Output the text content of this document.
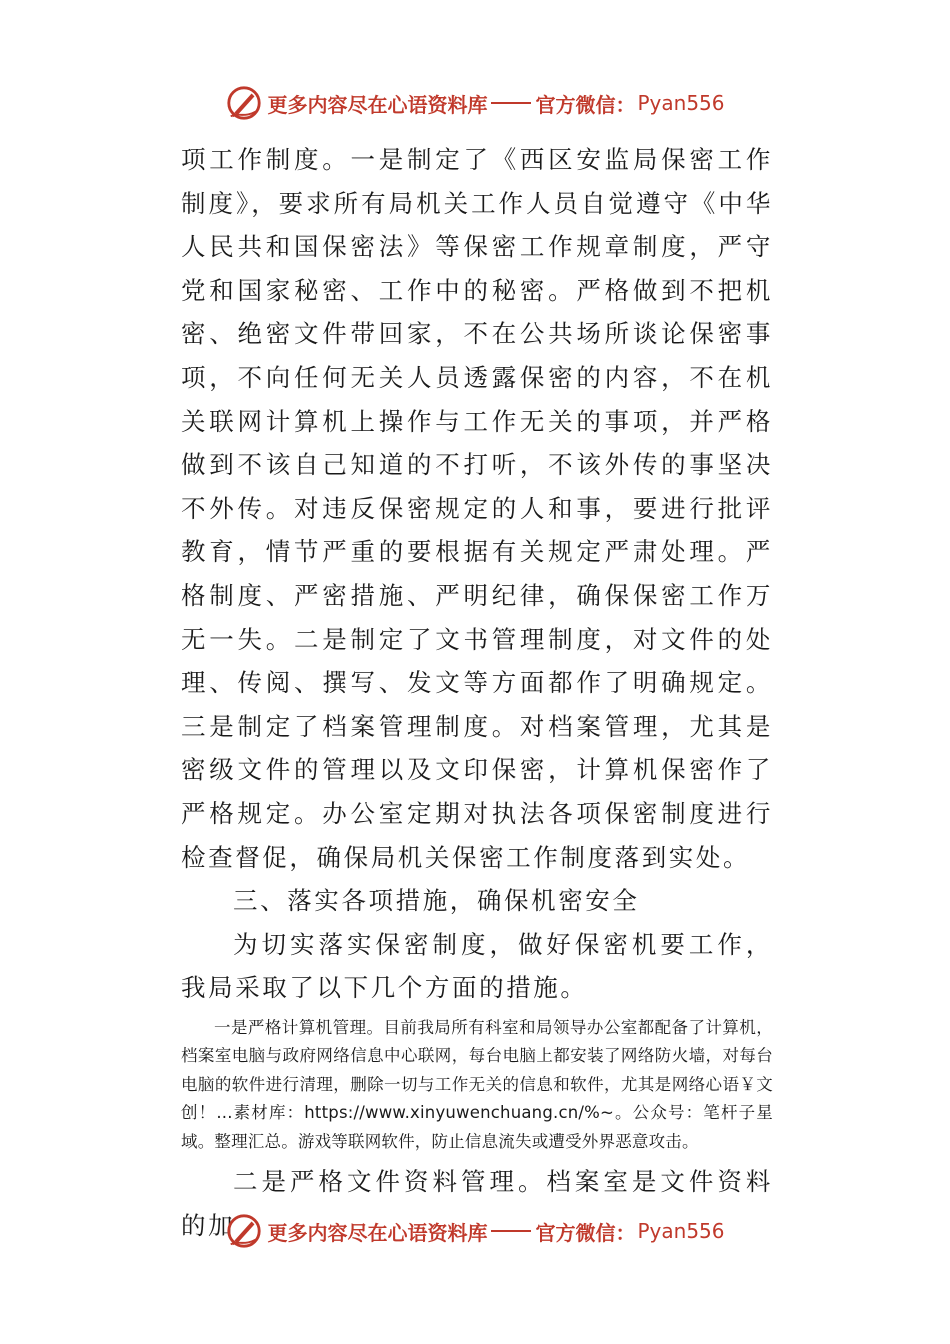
更多内容尽在心语资料库 官方微信： Pyan556

项工作制度。一是制定了《西区安监局保密工作制度》，要求所有局机关工作人员自觉遵守《中华人民共和国保密法》等保密工作规章制度，严守党和国家秘密、工作中的秘密。严格做到不把机密、绝密文件带回家，不在公共场所谈论保密事项，不向任何无关人员透露保密的内容，不在机关联网计算机上操作与工作无关的事项，并严格做到不该自己知道的不打听，不该外传的事坚决不外传。对违反保密规定的人和事，要进行批评教育，情节严重的要根据有关规定严肃处理。严格制度、严密措施、严明纪律，确保保密工作万无一失。二是制定了文书管理制度，对文件的处理、传阅、撰写、发文等方面都作了明确规定。三是制定了档案管理制度。对档案管理，尤其是密级文件的管理以及文印保密，计算机保密作了严格规定。办公室定期对执法各项保密制度进行检查督促，确保局机关保密工作制度落到实处。

三、落实各项措施，确保机密安全

为切实落实保密制度，做好保密机要工作，我局采取了以下几个方面的措施。

一是严格计算机管理。目前我局所有科室和局领导办公室都配备了计算机，档案室电脑与政府网络信息中心联网，每台电脑上都安装了网络防火墙，对每台电脑的软件进行清理，删除一切与工作无关的信息和软件，尤其是网络心语￥文创！...素材库：https://www.xinyuwenchuang.cn/%~。公众号：笔杆子星域。整理汇总。游戏等联网软件，防止信息流失或遭受外界恶意攻击。

二是严格文件资料管理。档案室是文件资料的加	更多内容尽在心语资料库 官方微信： Pyan556
